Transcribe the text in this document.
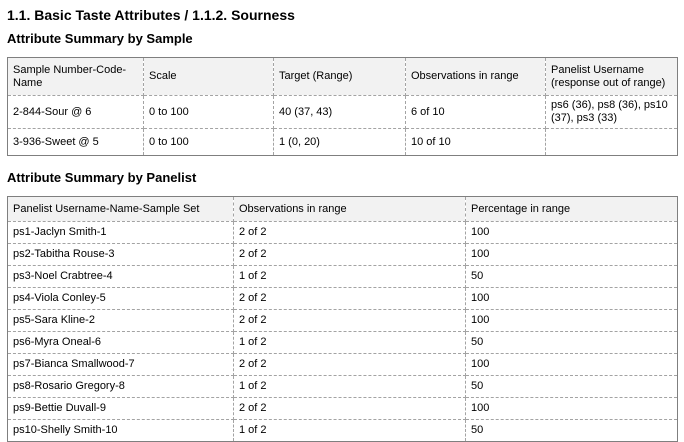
1.1. Basic Taste Attributes / 1.1.2. Sourness
Attribute Summary by Sample
Sample Number-Code-Name	Scale	Target (Range)	Observations in range	Panelist Username (response out of range)
2-844-Sour @ 6	0 to 100	40 (37, 43)	6 of 10	ps6 (36), ps8 (36), ps10 (37), ps3 (33)
3-936-Sweet @ 5	0 to 100	1 (0, 20)	10 of 10	
Attribute Summary by Panelist
Panelist Username-Name-Sample Set	Observations in range	Percentage in range
ps1-Jaclyn Smith-1	2 of 2	100
ps2-Tabitha Rouse-3	2 of 2	100
ps3-Noel Crabtree-4	1 of 2	50
ps4-Viola Conley-5	2 of 2	100
ps5-Sara Kline-2	2 of 2	100
ps6-Myra Oneal-6	1 of 2	50
ps7-Bianca Smallwood-7	2 of 2	100
ps8-Rosario Gregory-8	1 of 2	50
ps9-Bettie Duvall-9	2 of 2	100
ps10-Shelly Smith-10	1 of 2	50
